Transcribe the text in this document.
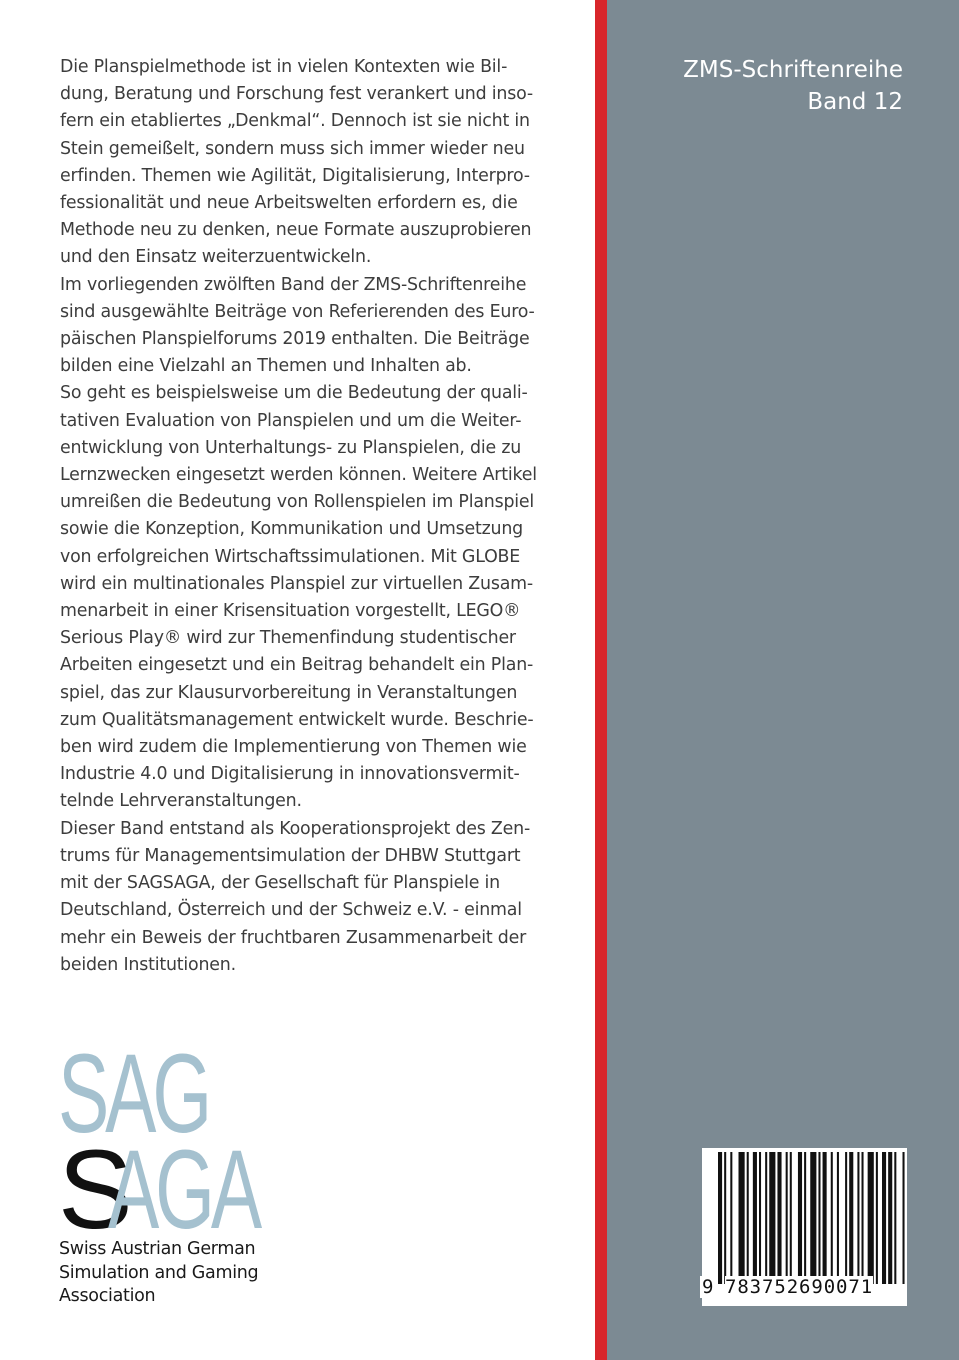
ZMS-Schriftenreihe
Band 12
Die Planspielmethode ist in vielen Kontexten wie Bil-
dung, Beratung und Forschung fest verankert und inso-
fern ein etabliertes „Denkmal“. Dennoch ist sie nicht in
Stein gemeißelt, sondern muss sich immer wieder neu
erfinden. Themen wie Agilität, Digitalisierung, Interpro-
fessionalität und neue Arbeitswelten erfordern es, die
Methode neu zu denken, neue Formate auszuprobieren
und den Einsatz weiterzuentwickeln.
Im vorliegenden zwölften Band der ZMS-Schriftenreihe
sind ausgewählte Beiträge von Referierenden des Euro-
päischen Planspielforums 2019 enthalten. Die Beiträge
bilden eine Vielzahl an Themen und Inhalten ab.
So geht es beispielsweise um die Bedeutung der quali-
tativen Evaluation von Planspielen und um die Weiter-
entwicklung von Unterhaltungs- zu Planspielen, die zu
Lernzwecken eingesetzt werden können. Weitere Artikel
umreißen die Bedeutung von Rollenspielen im Planspiel
sowie die Konzeption, Kommunikation und Umsetzung
von erfolgreichen Wirtschaftssimulationen. Mit GLOBE
wird ein multinationales Planspiel zur virtuellen Zusam-
menarbeit in einer Krisensituation vorgestellt, LEGO®
Serious Play® wird zur Themenfindung studentischer
Arbeiten eingesetzt und ein Beitrag behandelt ein Plan-
spiel, das zur Klausurvorbereitung in Veranstaltungen
zum Qualitätsmanagement entwickelt wurde. Beschrie-
ben wird zudem die Implementierung von Themen wie
Industrie 4.0 und Digitalisierung in innovationsvermit-
telnde Lehrveranstaltungen.
Dieser Band entstand als Kooperationsprojekt des Zen-
trums für Managementsimulation der DHBW Stuttgart
mit der SAGSAGA, der Gesellschaft für Planspiele in
Deutschland, Österreich und der Schweiz e.V. - einmal
mehr ein Beweis der fruchtbaren Zusammenarbeit der
beiden Institutionen.
SAG
S
AGA
Swiss Austrian German
Simulation and Gaming
Association	9 783752690071
